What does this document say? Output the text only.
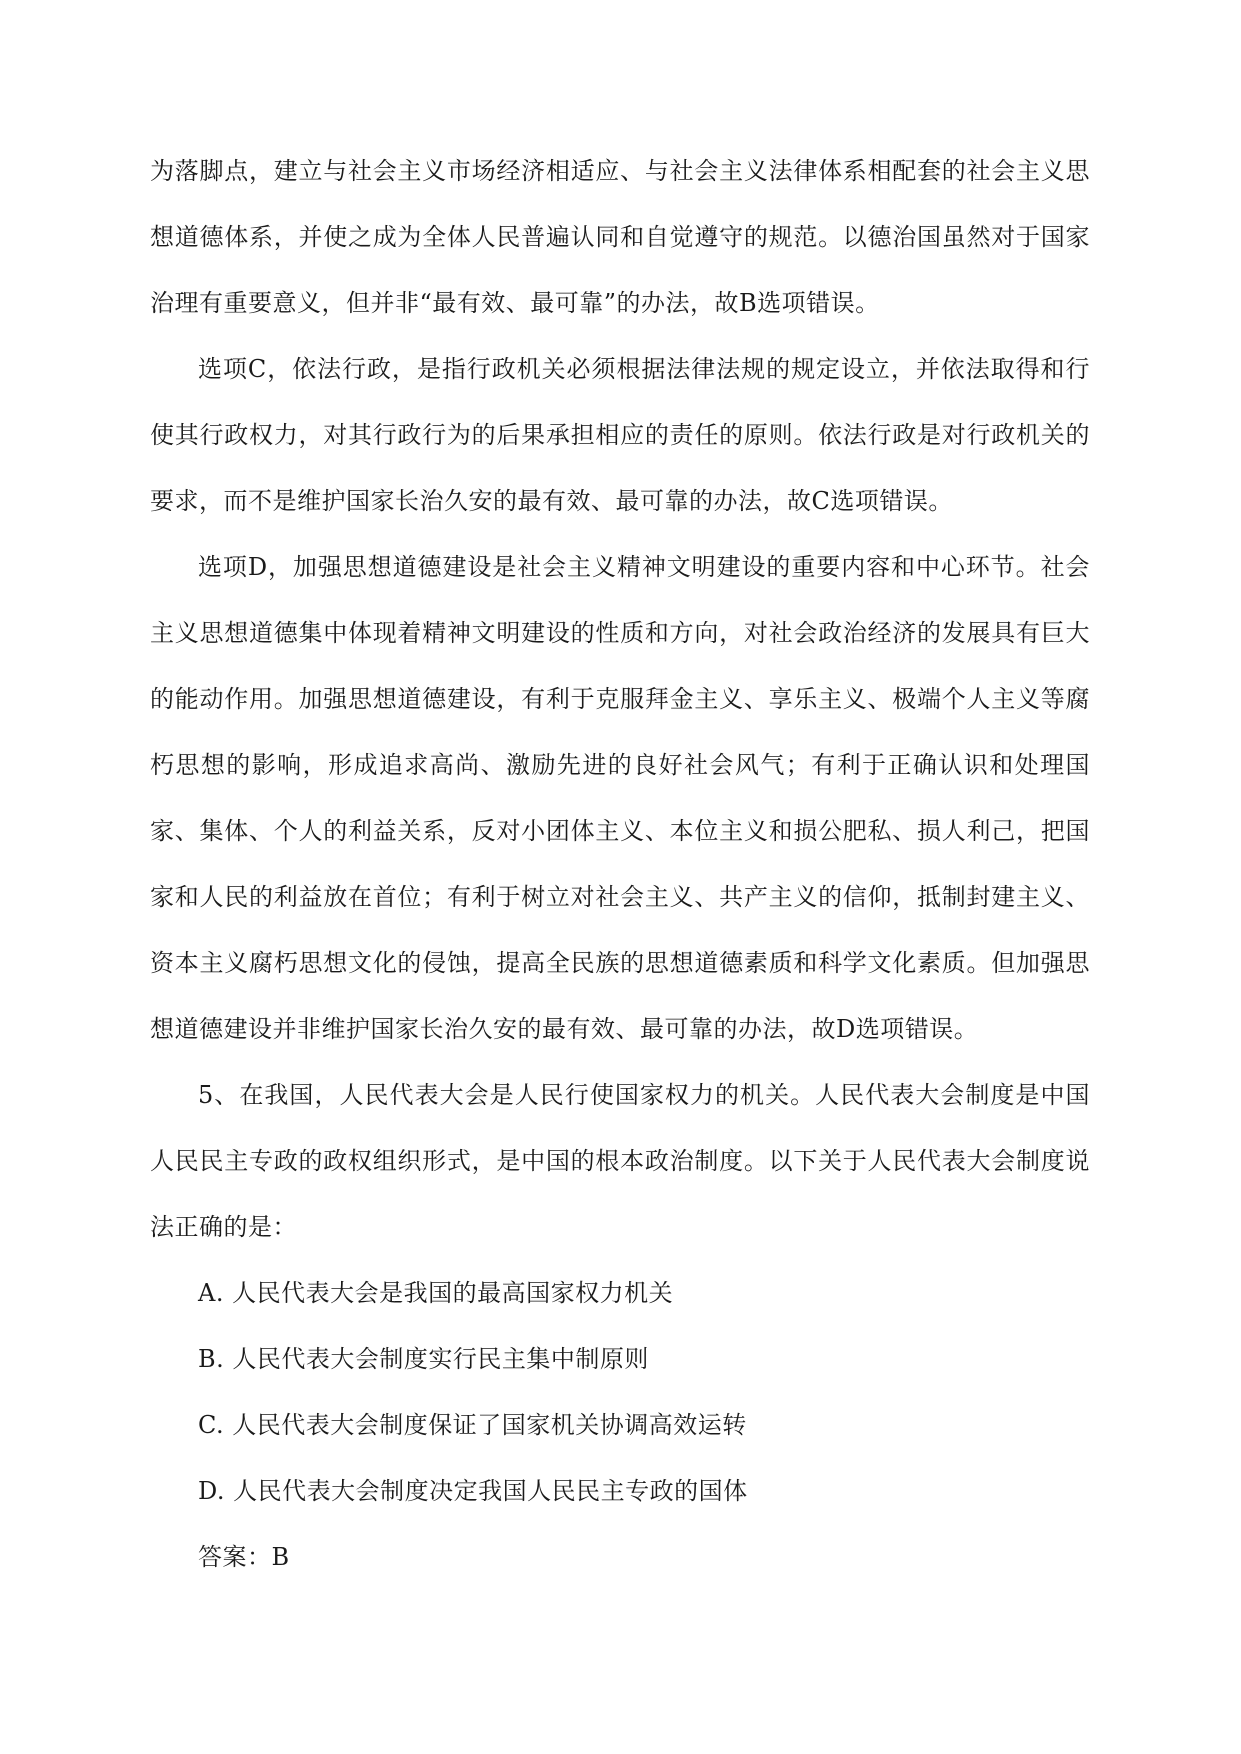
为落脚点，建立与社会主义市场经济相适应、与社会主义法律体系相配套的社会主义思想道德体系，并使之成为全体人民普遍认同和自觉遵守的规范。以德治国虽然对于国家治理有重要意义，但并非“最有效、最可靠”的办法，故B选项错误。

选项C，依法行政，是指行政机关必须根据法律法规的规定设立，并依法取得和行使其行政权力，对其行政行为的后果承担相应的责任的原则。依法行政是对行政机关的要求，而不是维护国家长治久安的最有效、最可靠的办法，故C选项错误。

选项D，加强思想道德建设是社会主义精神文明建设的重要内容和中心环节。社会主义思想道德集中体现着精神文明建设的性质和方向，对社会政治经济的发展具有巨大的能动作用。加强思想道德建设，有利于克服拜金主义、享乐主义、极端个人主义等腐朽思想的影响，形成追求高尚、激励先进的良好社会风气；有利于正确认识和处理国家、集体、个人的利益关系，反对小团体主义、本位主义和损公肥私、损人利己，把国家和人民的利益放在首位；有利于树立对社会主义、共产主义的信仰，抵制封建主义、资本主义腐朽思想文化的侵蚀，提高全民族的思想道德素质和科学文化素质。但加强思想道德建设并非维护国家长治久安的最有效、最可靠的办法，故D选项错误。

5、在我国，人民代表大会是人民行使国家权力的机关。人民代表大会制度是中国人民民主专政的政权组织形式，是中国的根本政治制度。以下关于人民代表大会制度说法正确的是：

A. 人民代表大会是我国的最高国家权力机关

B. 人民代表大会制度实行民主集中制原则

C. 人民代表大会制度保证了国家机关协调高效运转

D. 人民代表大会制度决定我国人民民主专政的国体

答案：B
